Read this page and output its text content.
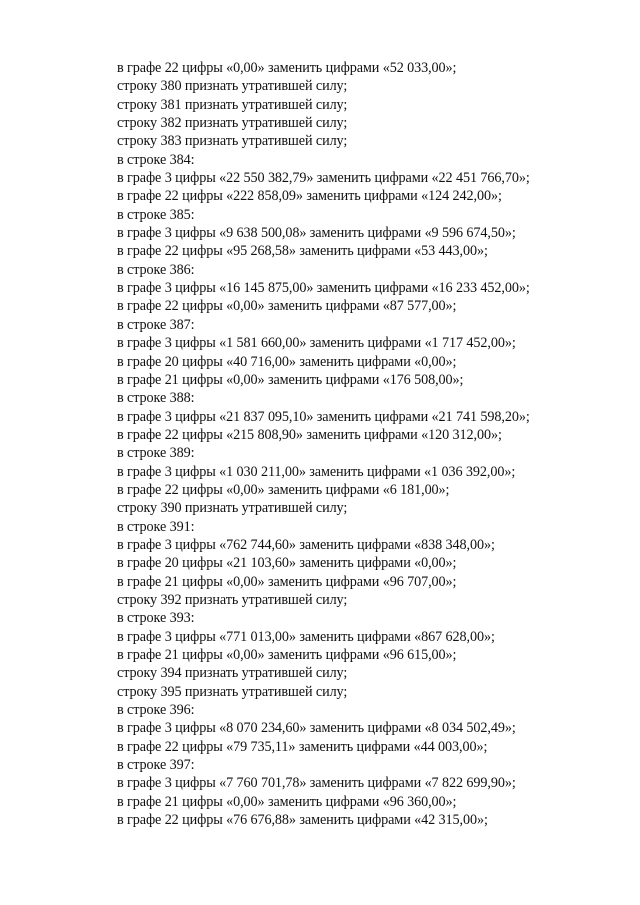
в графе 22 цифры «0,00» заменить цифрами «52 033,00»;
строку 380 признать утратившей силу;
строку 381 признать утратившей силу;
строку 382 признать утратившей силу;
строку 383 признать утратившей силу;
в строке 384:
в графе 3 цифры «22 550 382,79» заменить цифрами «22 451 766,70»;
в графе 22 цифры «222 858,09» заменить цифрами «124 242,00»;
в строке 385:
в графе 3 цифры «9 638 500,08» заменить цифрами «9 596 674,50»;
в графе 22 цифры «95 268,58» заменить цифрами «53 443,00»;
в строке 386:
в графе 3 цифры «16 145 875,00» заменить цифрами «16 233 452,00»;
в графе 22 цифры «0,00» заменить цифрами «87 577,00»;
в строке 387:
в графе 3 цифры «1 581 660,00» заменить цифрами «1 717 452,00»;
в графе 20 цифры «40 716,00» заменить цифрами «0,00»;
в графе 21 цифры «0,00» заменить цифрами «176 508,00»;
в строке 388:
в графе 3 цифры «21 837 095,10» заменить цифрами «21 741 598,20»;
в графе 22 цифры «215 808,90» заменить цифрами «120 312,00»;
в строке 389:
в графе 3 цифры «1 030 211,00» заменить цифрами «1 036 392,00»;
в графе 22 цифры «0,00» заменить цифрами «6 181,00»;
строку 390 признать утратившей силу;
в строке 391:
в графе 3 цифры «762 744,60» заменить цифрами «838 348,00»;
в графе 20 цифры «21 103,60» заменить цифрами «0,00»;
в графе 21 цифры «0,00» заменить цифрами «96 707,00»;
строку 392 признать утратившей силу;
в строке 393:
в графе 3 цифры «771 013,00» заменить цифрами «867 628,00»;
в графе 21 цифры «0,00» заменить цифрами «96 615,00»;
строку 394 признать утратившей силу;
строку 395 признать утратившей силу;
в строке 396:
в графе 3 цифры «8 070 234,60» заменить цифрами «8 034 502,49»;
в графе 22 цифры «79 735,11» заменить цифрами «44 003,00»;
в строке 397:
в графе 3 цифры «7 760 701,78» заменить цифрами «7 822 699,90»;
в графе 21 цифры «0,00» заменить цифрами «96 360,00»;
в графе 22 цифры «76 676,88» заменить цифрами «42 315,00»;
